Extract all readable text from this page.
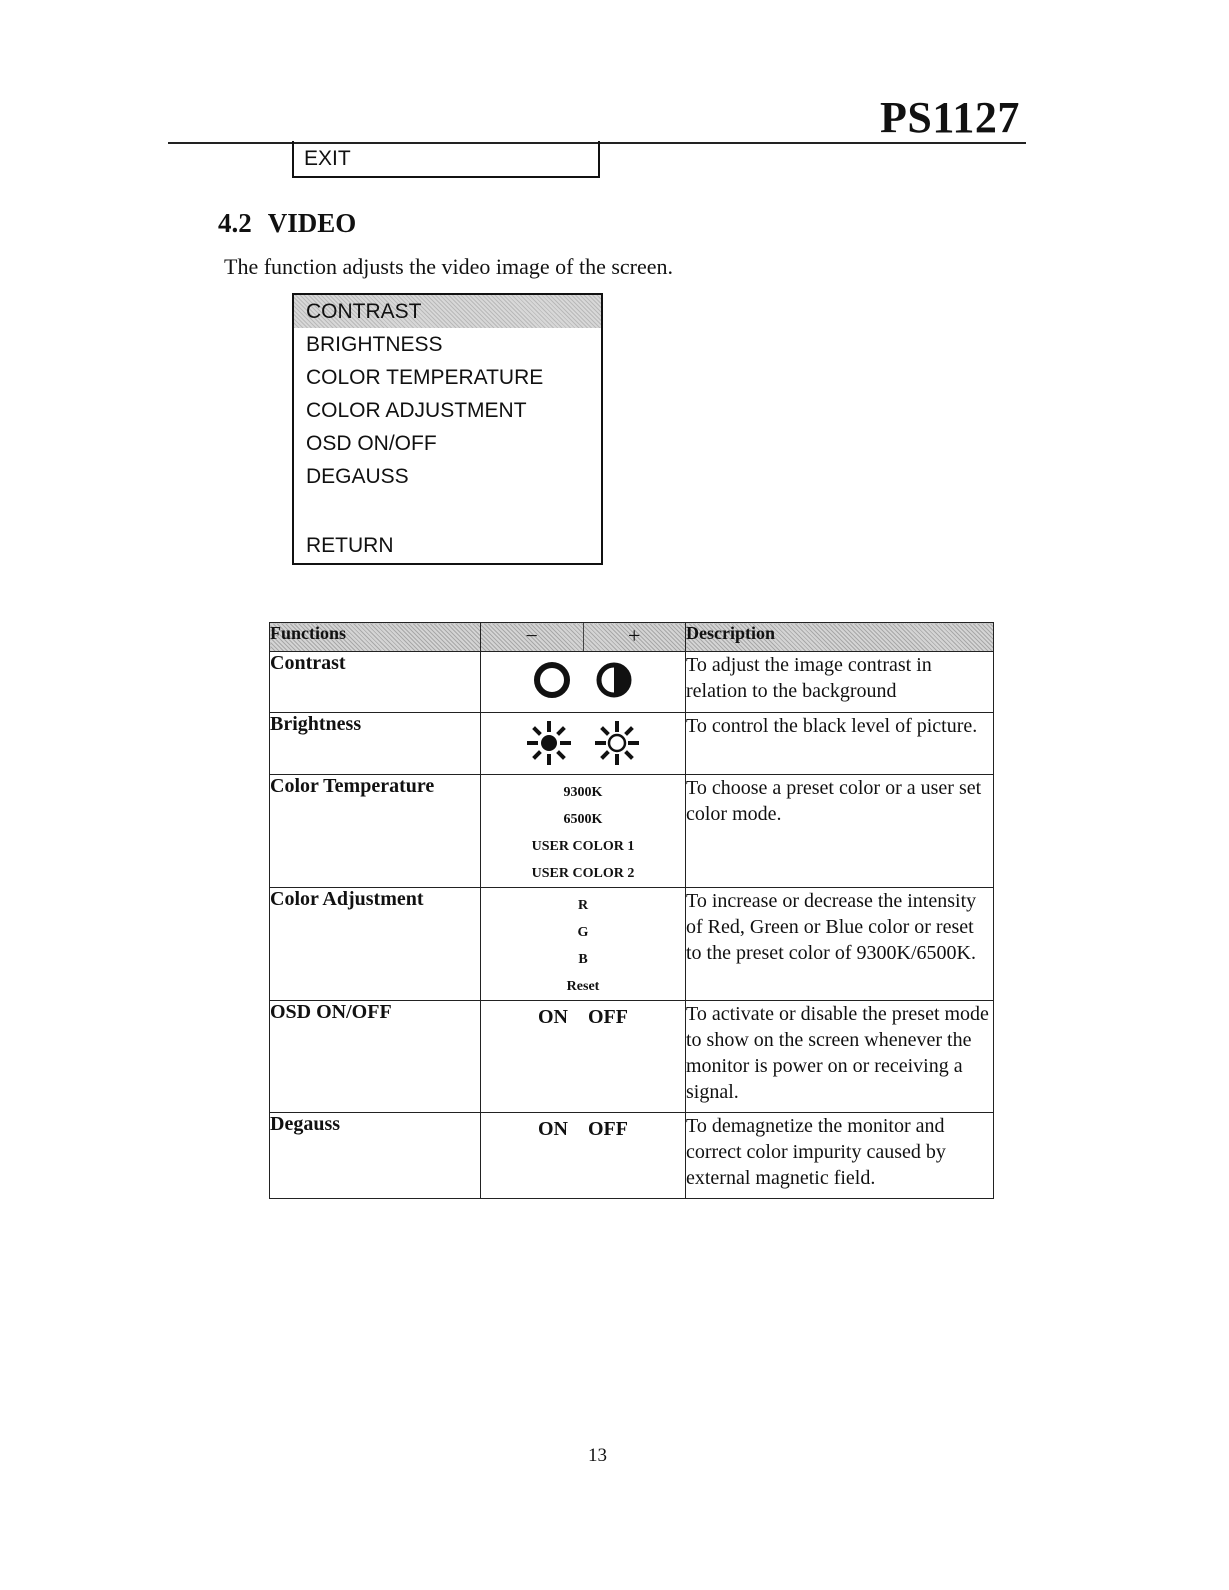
PS1127
EXIT
4.2 VIDEO
The function adjusts the video image of the screen.
CONTRAST
BRIGHTNESS
COLOR TEMPERATURE
COLOR ADJUSTMENT
OSD ON/OFF
DEGAUSS
RETURN
Functions	− +	Description
Contrast		To adjust the image contrast in relation to the background
Brightness		To control the black level of picture.
Color Temperature	9300K
6500K
USER COLOR 1
USER COLOR 2	To choose a preset color or a user set color mode.
Color Adjustment	R
G
B
Reset	To increase or decrease the intensity of Red, Green or Blue color or reset to the preset color of 9300K/6500K.
OSD ON/OFF	ON OFF	To activate or disable the preset mode to show on the screen whenever the monitor is power on or receiving a signal.
Degauss	ON OFF	To demagnetize the monitor and correct color impurity caused by external magnetic field.
13
